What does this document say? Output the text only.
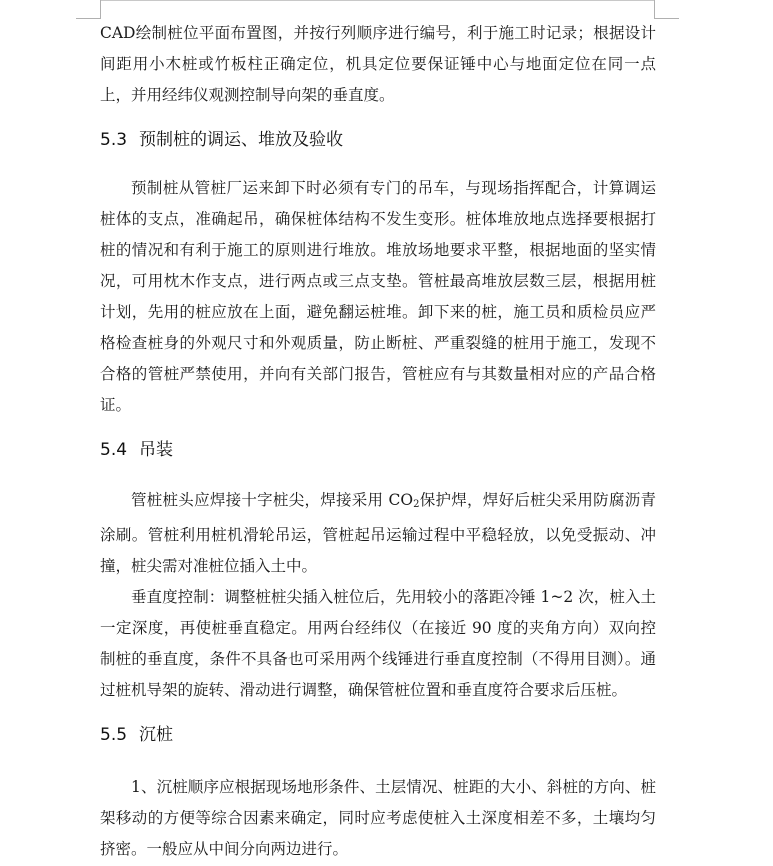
CAD绘制桩位平面布置图，并按行列顺序进行编号，利于施工时记录；根据设计间距用小木桩或竹板柱正确定位，机具定位要保证锤中心与地面定位在同一点上，并用经纬仪观测控制导向架的垂直度。

5.3 预制桩的调运、堆放及验收

预制桩从管桩厂运来卸下时必须有专门的吊车，与现场指挥配合，计算调运桩体的支点，准确起吊，确保桩体结构不发生变形。桩体堆放地点选择要根据打桩的情况和有利于施工的原则进行堆放。堆放场地要求平整，根据地面的坚实情况，可用枕木作支点，进行两点或三点支垫。管桩最高堆放层数三层，根据用桩计划，先用的桩应放在上面，避免翻运桩堆。卸下来的桩，施工员和质检员应严格检查桩身的外观尺寸和外观质量，防止断桩、严重裂缝的桩用于施工，发现不合格的管桩严禁使用，并向有关部门报告，管桩应有与其数量相对应的产品合格证。

5.4 吊装

管桩桩头应焊接十字桩尖，焊接采用 $CO_2$保护焊，焊好后桩尖采用防腐沥青涂刷。管桩利用桩机滑轮吊运，管桩起吊运输过程中平稳轻放，以免受振动、冲撞，桩尖需对准桩位插入土中。

垂直度控制：调整桩桩尖插入桩位后，先用较小的落距冷锤 1~2 次，桩入土一定深度，再使桩垂直稳定。用两台经纬仪（在接近 90 度的夹角方向）双向控制桩的垂直度，条件不具备也可采用两个线锤进行垂直度控制（不得用目测）。通过桩机导架的旋转、滑动进行调整，确保管桩位置和垂直度符合要求后压桩。

5.5 沉桩

1、沉桩顺序应根据现场地形条件、土层情况、桩距的大小、斜桩的方向、桩架移动的方便等综合因素来确定，同时应考虑使桩入土深度相差不多，土壤均匀挤密。一般应从中间分向两边进行。
